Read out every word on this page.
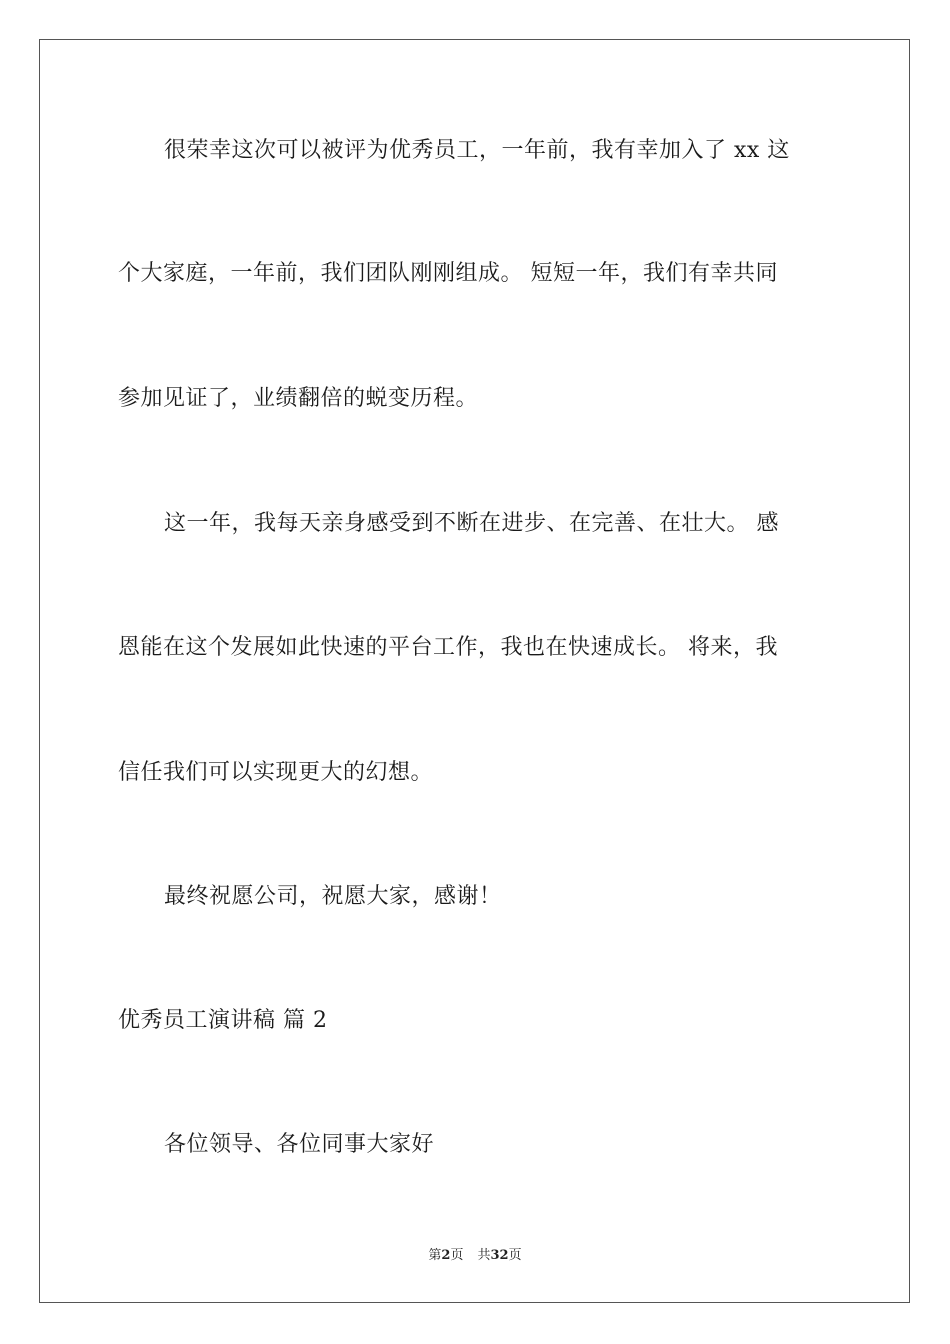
很荣幸这次可以被评为优秀员工，一年前，我有幸加入了 xx 这
个大家庭，一年前，我们团队刚刚组成。 短短一年，我们有幸共同
参加见证了，业绩翻倍的蜕变历程。
这一年，我每天亲身感受到不断在进步、在完善、在壮大。 感
恩能在这个发展如此快速的平台工作，我也在快速成长。 将来，我
信任我们可以实现更大的幻想。
最终祝愿公司，祝愿大家，感谢！
优秀员工演讲稿 篇 2
各位领导、各位同事大家好
第2页 共32页
